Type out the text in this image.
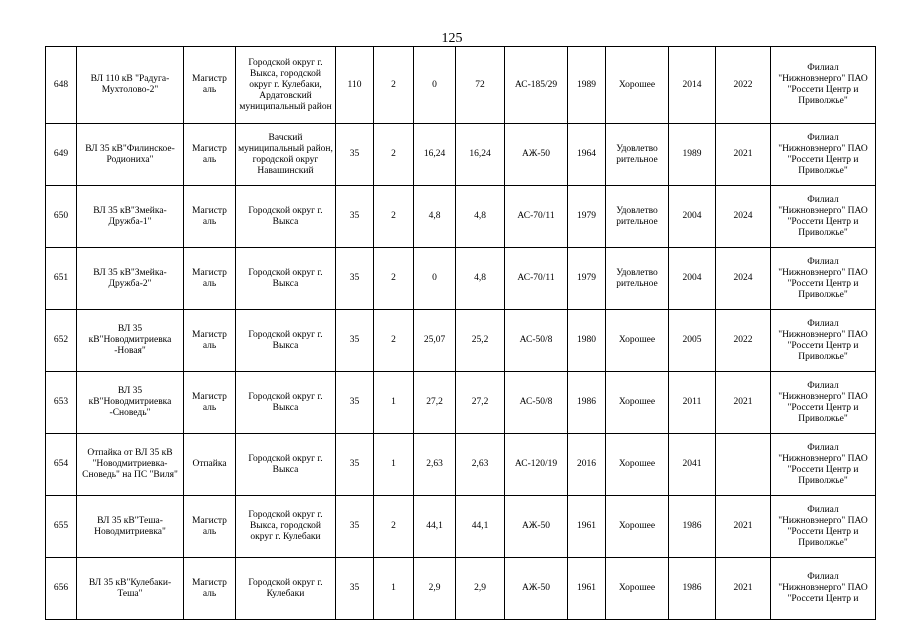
125
648	ВЛ 110 кВ "Радуга-Мухтолово-2"	Магистр аль	Городской округ г. Выкса, городской округ г. Кулебаки, Ардатовский муниципальный район	110	2	0	72	АС-185/29	1989	Хорошее	2014	2022	Филиал "Нижновэнерго" ПАО "Россети Центр и Приволжье"
649	ВЛ 35 кВ"Филинское-Родиониха"	Магистр аль	Вачский муниципальный район, городской округ Навашинский	35	2	16,24	16,24	АЖ-50	1964	Удовлетво рительное	1989	2021	Филиал "Нижновэнерго" ПАО "Россети Центр и Приволжье"
650	ВЛ 35 кВ"Змейка-Дружба-1"	Магистр аль	Городской округ г. Выкса	35	2	4,8	4,8	АС-70/11	1979	Удовлетво рительное	2004	2024	Филиал "Нижновэнерго" ПАО "Россети Центр и Приволжье"
651	ВЛ 35 кВ"Змейка-Дружба-2"	Магистр аль	Городской округ г. Выкса	35	2	0	4,8	АС-70/11	1979	Удовлетво рительное	2004	2024	Филиал "Нижновэнерго" ПАО "Россети Центр и Приволжье"
652	ВЛ 35 кВ"Новодмитриевка -Новая"	Магистр аль	Городской округ г. Выкса	35	2	25,07	25,2	АС-50/8	1980	Хорошее	2005	2022	Филиал "Нижновэнерго" ПАО "Россети Центр и Приволжье"
653	ВЛ 35 кВ"Новодмитриевка -Сноведь"	Магистр аль	Городской округ г. Выкса	35	1	27,2	27,2	АС-50/8	1986	Хорошее	2011	2021	Филиал "Нижновэнерго" ПАО "Россети Центр и Приволжье"
654	Отпайка от ВЛ 35 кВ "Новодмитриевка-Сноведь" на ПС "Виля"	Отпайка	Городской округ г. Выкса	35	1	2,63	2,63	АС-120/19	2016	Хорошее	2041		Филиал "Нижновэнерго" ПАО "Россети Центр и Приволжье"
655	ВЛ 35 кВ"Теша-Новодмитриевка"	Магистр аль	Городской округ г. Выкса, городской округ г. Кулебаки	35	2	44,1	44,1	АЖ-50	1961	Хорошее	1986	2021	Филиал "Нижновэнерго" ПАО "Россети Центр и Приволжье"
656	ВЛ 35 кВ"Кулебаки-Теша"	Магистр аль	Городской округ г. Кулебаки	35	1	2,9	2,9	АЖ-50	1961	Хорошее	1986	2021	Филиал "Нижновэнерго" ПАО "Россети Центр и
